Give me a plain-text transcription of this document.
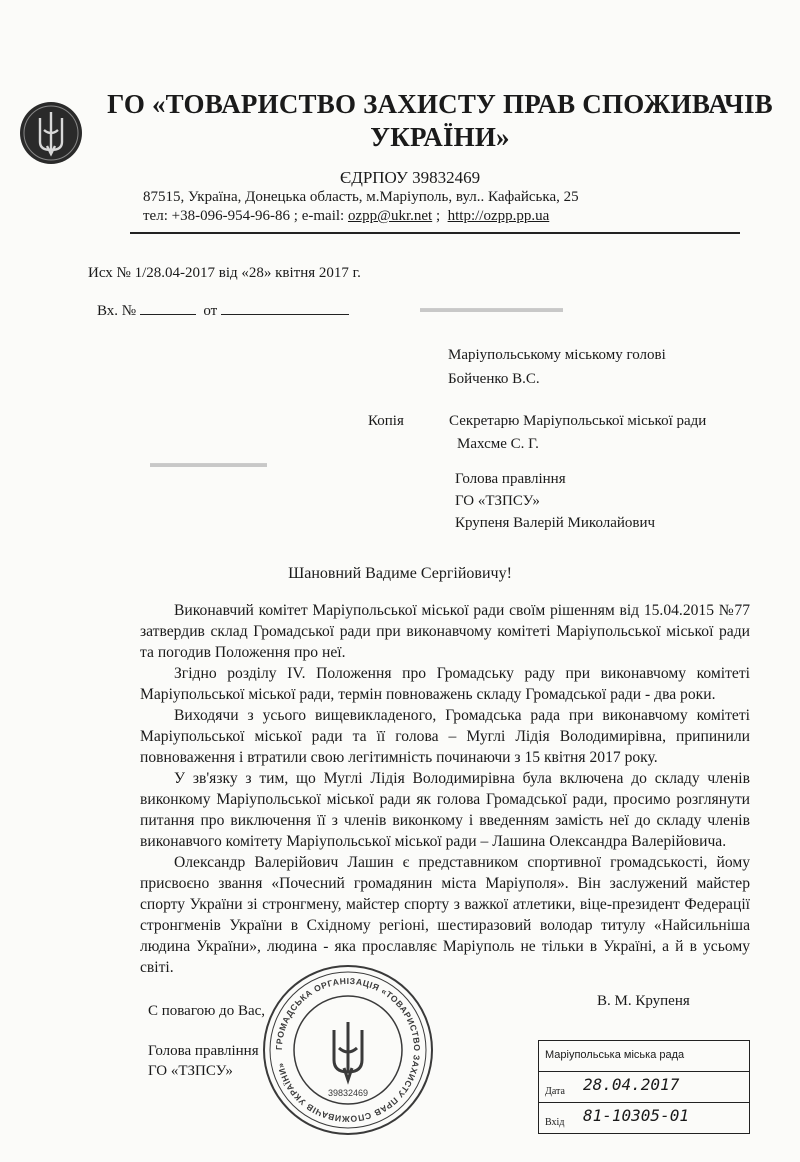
ГО «ТОВАРИСТВО ЗАХИСТУ ПРАВ СПОЖИВАЧІВ
УКРАЇНИ»
ЄДРПОУ 39832469
87515, Україна, Донецька область, м.Маріуполь, вул.. Кафайська, 25
тел: +38-096-954-96-86 ; e-mail: ozpp@ukr.net ;  http://ozpp.pp.ua
▬▬▬▬▬▬▬▬▬▬▬
▬▬▬▬▬▬▬▬▬
Исх № 1/28.04-2017 від «28» квітня 2017 г.
Вх. №	от
Маріупольському міському голові
Бойченко В.С.
Копія	Секретарю Маріупольської міської ради
Махсме С. Г.
Голова правління
ГО «ТЗПСУ»
Крупеня Валерій Миколайович
Шановний Вадиме Сергійовичу!

Виконавчий комітет Маріупольської міської ради своїм рішенням від 15.04.2015 №77 затвердив склад Громадської ради при виконавчому комітеті Маріупольської міської ради та погодив Положення про неї.

Згідно розділу IV. Положення про Громадську раду при виконавчому комітеті Маріупольської міської ради, термін повноважень складу Громадської ради - два роки.

Виходячи з усього вищевикладеного, Громадська рада при виконавчому комітеті Маріупольської міської ради та її голова – Муглі Лідія Володимирівна, припинили повноваження і втратили свою легітимність починаючи з 15 квітня 2017 року.

У зв'язку з тим, що Муглі Лідія Володимирівна була включена до складу членів виконкому Маріупольської міської ради як голова Громадської ради, просимо розглянути питання про виключення її з членів виконкому і введенням замість неї до складу членів виконавчого комітету Маріупольської міської ради – Лашина Олександра Валерійовича.

Олександр Валерійович Лашин є представником спортивної громадськості, йому присвоєно звання «Почесний громадянин міста Маріуполя». Він заслужений майстер спорту України зі стронгмену, майстер спорту з важкої атлетики, віце-президент Федерації стронгменів України в Східному регіоні, шестиразовий володар титулу «Найсильніша людина України», людина - яка прославляє Маріуполь не тільки в Україні, а й в усьому світі.

С повагою до Вас,
Голова правління
ГО «ТЗПСУ»
В. М. Крупеня
ГРОМАДСЬКА ОРГАНІЗАЦІЯ «ТОВАРИСТВО ЗАХИСТУ ПРАВ СПОЖИВАЧІВ УКРАЇНИ»
39832469
Маріупольська міська рада
Дата 28.04.2017
Вхід 81-10305-01
